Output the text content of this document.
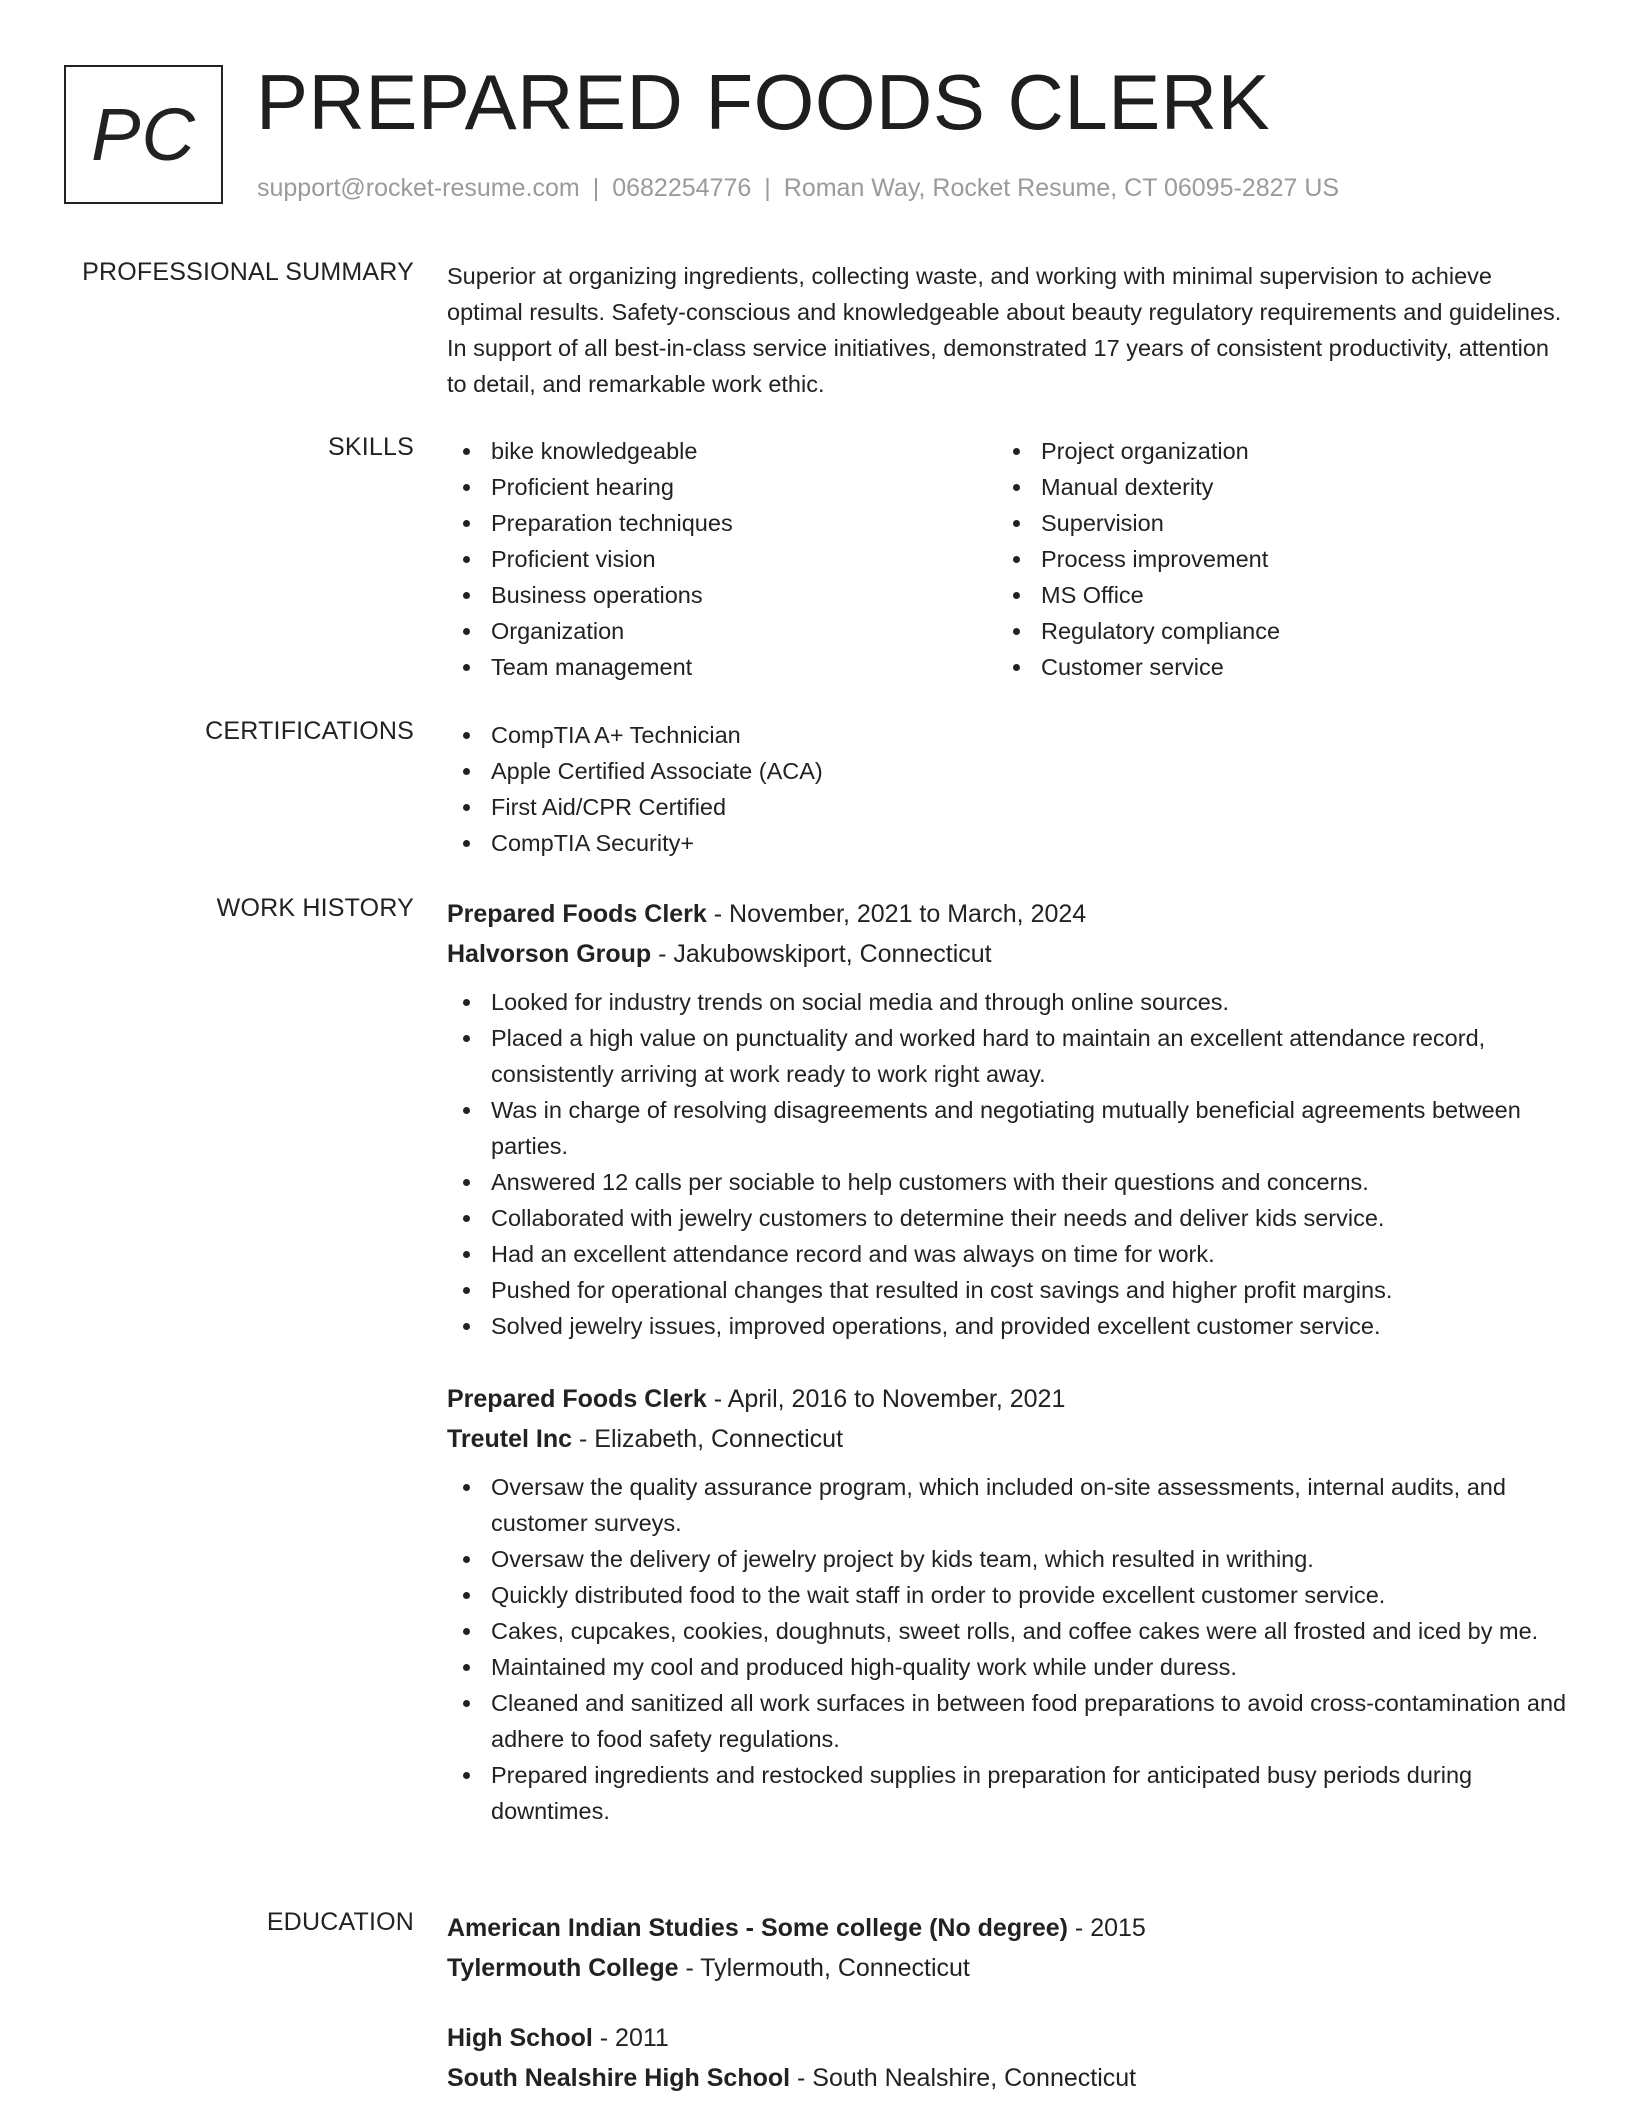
PC PREPARED FOODS CLERK
support@rocket-resume.com | 0682254776 | Roman Way, Rocket Resume, CT 06095-2827 US
PROFESSIONAL SUMMARY Superior at organizing ingredients, collecting waste, and working with minimal supervision to achieve optimal results. Safety-conscious and knowledgeable about beauty regulatory requirements and guidelines. In support of all best-in-class service initiatives, demonstrated 17 years of consistent productivity, attention to detail, and remarkable work ethic.

SKILLS	bike knowledgeable
Proficient hearing
Preparation techniques
Proficient vision
Business operations
Organization
Team management
Project organization
Manual dexterity
Supervision
Process improvement
MS Office
Regulatory compliance
Customer service
CERTIFICATIONS	CompTIA A+ Technician
Apple Certified Associate (ACA)
First Aid/CPR Certified
CompTIA Security+
WORK HISTORY Prepared Foods Clerk - November, 2021 to March, 2024
Halvorson Group - Jakubowskiport, Connecticut
Looked for industry trends on social media and through online sources.
Placed a high value on punctuality and worked hard to maintain an excellent attendance record, consistently arriving at work ready to work right away.
Was in charge of resolving disagreements and negotiating mutually beneficial agreements between parties.
Answered 12 calls per sociable to help customers with their questions and concerns.
Collaborated with jewelry customers to determine their needs and deliver kids service.
Had an excellent attendance record and was always on time for work.
Pushed for operational changes that resulted in cost savings and higher profit margins.
Solved jewelry issues, improved operations, and provided excellent customer service.
Prepared Foods Clerk - April, 2016 to November, 2021
Treutel Inc - Elizabeth, Connecticut
Oversaw the quality assurance program, which included on-site assessments, internal audits, and customer surveys.
Oversaw the delivery of jewelry project by kids team, which resulted in writhing.
Quickly distributed food to the wait staff in order to provide excellent customer service.
Cakes, cupcakes, cookies, doughnuts, sweet rolls, and coffee cakes were all frosted and iced by me.
Maintained my cool and produced high-quality work while under duress.
Cleaned and sanitized all work surfaces in between food preparations to avoid cross-contamination and adhere to food safety regulations.
Prepared ingredients and restocked supplies in preparation for anticipated busy periods during downtimes.
EDUCATION American Indian Studies - Some college (No degree) - 2015
Tylermouth College - Tylermouth, Connecticut
High School - 2011
South Nealshire High School - South Nealshire, Connecticut
